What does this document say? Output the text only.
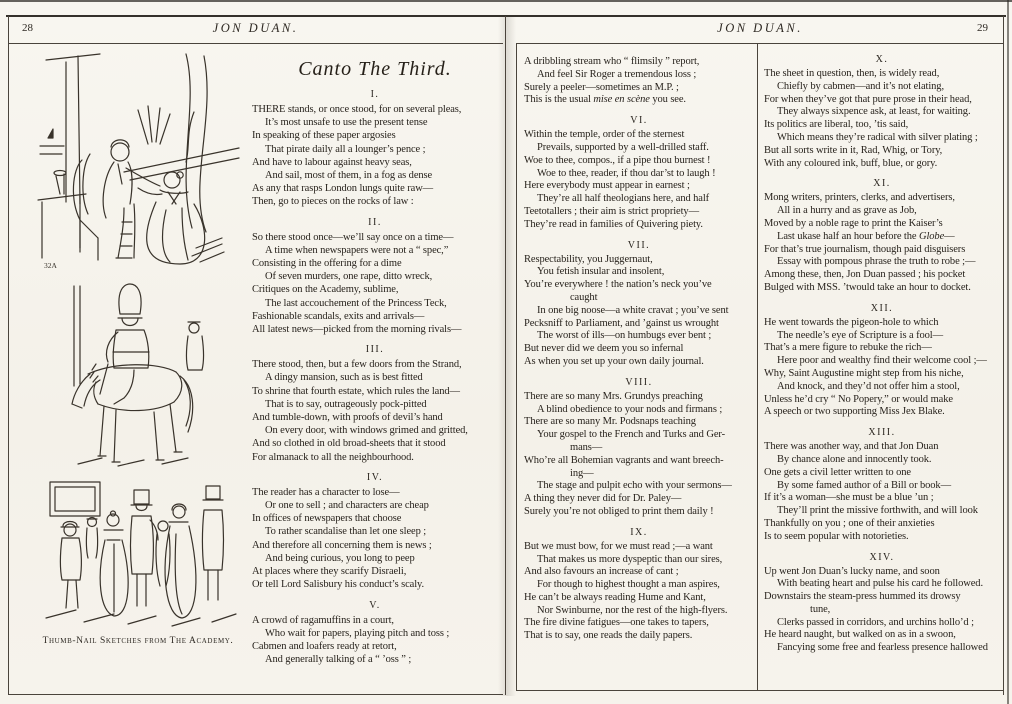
28	JON DUAN.	JON DUAN.	29
32A
Thumb-Nail Sketches from The Academy.
Canto The Third.
I.
THERE stands, or once stood, for on several pleas,
It’s most unsafe to use the present tense
In speaking of these paper argosies
That pirate daily all a lounger’s pence ;
And have to labour against heavy seas,
And sail, most of them, in a fog as dense
As any that rasps London lungs quite raw—
Then, go to pieces on the rocks of law :
II.
So there stood once—we’ll say once on a time—
A time when newspapers were not a “ spec,”
Consisting in the offering for a dime
Of seven murders, one rape, ditto wreck,
Critiques on the Academy, sublime,
The last accouchement of the Princess Teck,
Fashionable scandals, exits and arrivals—
All latest news—picked from the morning rivals—
III.
There stood, then, but a few doors from the Strand,
A dingy mansion, such as is best fitted
To shrine that fourth estate, which rules the land—
That is to say, outrageously pock-pitted
And tumble-down, with proofs of devil’s hand
On every door, with windows grimed and gritted,
And so clothed in old broad-sheets that it stood
For almanack to all the neighbourhood.
IV.
The reader has a character to lose—
Or one to sell ; and characters are cheap
In offices of newspapers that choose
To rather scandalise than let one sleep ;
And therefore all concerning them is news ;
And being curious, you long to peep
At places where they scarify Disraeli,
Or tell Lord Salisbury his conduct’s scaly.
V.
A crowd of ragamuffins in a court,
Who wait for papers, playing pitch and toss ;
Cabmen and loafers ready at retort,
And generally talking of a “ ’oss ” ;
A dribbling stream who “ flimsily ” report,
And feel Sir Roger a tremendous loss ;
Surely a peeler—sometimes an M.P. ;
This is the usual mise en scène you see.
VI.
Within the temple, order of the sternest
Prevails, supported by a well-drilled staff.
Woe to thee, compos., if a pipe thou burnest !
Woe to thee, reader, if thou dar’st to laugh !
Here everybody must appear in earnest ;
They’re all half theologians here, and half
Teetotallers ; their aim is strict propriety—
They’re read in families of Quivering piety.
VII.
Respectability, you Juggernaut,
You fetish insular and insolent,
You’re everywhere ! the nation’s neck you’ve
caught
In one big noose—a white cravat ; you’ve sent
Pecksniff to Parliament, and ’gainst us wrought
The worst of ills—on humbugs ever bent ;
But never did we deem you so infernal
As when you set up your own daily journal.
VIII.
There are so many Mrs. Grundys preaching
A blind obedience to your nods and firmans ;
There are so many Mr. Podsnaps teaching
Your gospel to the French and Turks and Ger-
mans—
Who’re all Bohemian vagrants and want breech-
ing—
The stage and pulpit echo with your sermons—
A thing they never did for Dr. Paley—
Surely you’re not obliged to print them daily !
IX.
But we must bow, for we must read ;—a want
That makes us more dyspeptic than our sires,
And also favours an increase of cant ;
For though to highest thought a man aspires,
He can’t be always reading Hume and Kant,
Nor Swinburne, nor the rest of the high-flyers.
The fire divine fatigues—one takes to tapers,
That is to say, one reads the daily papers.
X.
The sheet in question, then, is widely read,
Chiefly by cabmen—and it’s not elating,
For when they’ve got that pure prose in their head,
They always sixpence ask, at least, for waiting.
Its politics are liberal, too, ’tis said,
Which means they’re radical with silver plating ;
But all sorts write in it, Rad, Whig, or Tory,
With any coloured ink, buff, blue, or gory.
XI.
Mong writers, printers, clerks, and advertisers,
All in a hurry and as grave as Job,
Moved by a noble rage to print the Kaiser’s
Last ukase half an hour before the Globe—
For that’s true journalism, though paid disguisers
Essay with pompous phrase the truth to robe ;—
Among these, then, Jon Duan passed ; his pocket
Bulged with MSS. ’twould take an hour to docket.
XII.
He went towards the pigeon-hole to which
The needle’s eye of Scripture is a fool—
That’s a mere figure to rebuke the rich—
Here poor and wealthy find their welcome cool ;—
Why, Saint Augustine might step from his niche,
And knock, and they’d not offer him a stool,
Unless he’d cry “ No Popery,” or would make
A speech or two supporting Miss Jex Blake.
XIII.
There was another way, and that Jon Duan
By chance alone and innocently took.
One gets a civil letter written to one
By some famed author of a Bill or book—
If it’s a woman—she must be a blue ’un ;
They’ll print the missive forthwith, and will look
Thankfully on you ; one of their anxieties
Is to seem popular with notorieties.
XIV.
Up went Jon Duan’s lucky name, and soon
With beating heart and pulse his card he followed.
Downstairs the steam-press hummed its drowsy
tune,
Clerks passed in corridors, and urchins hollo’d ;
He heard naught, but walked on as in a swoon,
Fancying some free and fearless presence hallowed
